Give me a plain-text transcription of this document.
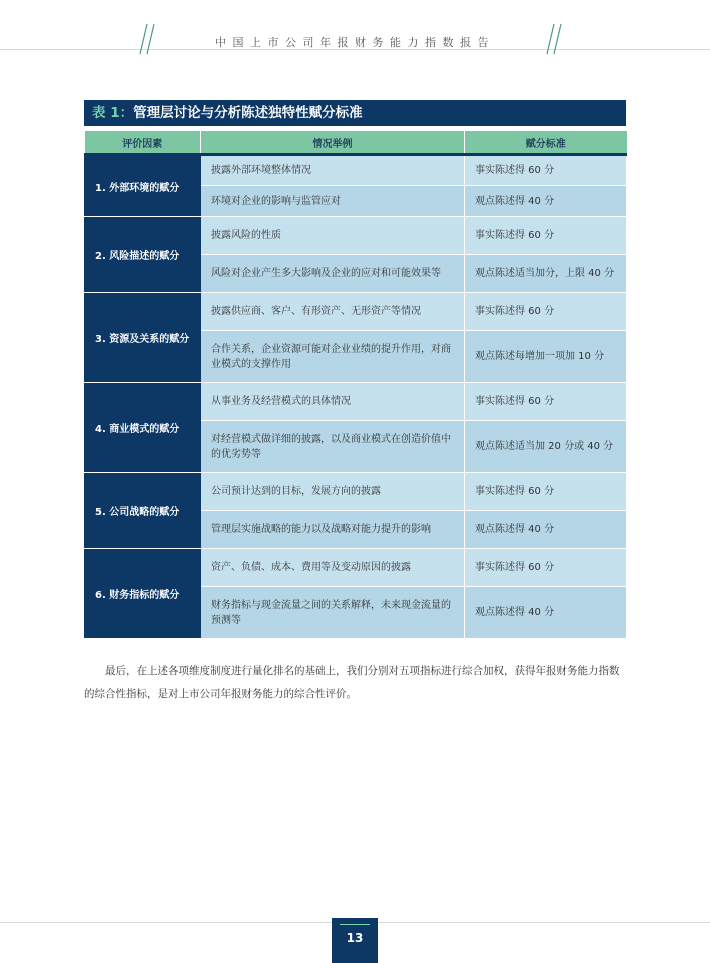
中国上市公司年报财务能力指数报告
表 1：管理层讨论与分析陈述独特性赋分标准
评价因素	情况举例	赋分标准
1. 外部环境的赋分	披露外部环境整体情况	事实陈述得 60 分
	环境对企业的影响与监管应对	观点陈述得 40 分
2. 风险描述的赋分	披露风险的性质	事实陈述得 60 分
	风险对企业产生多大影响及企业的应对和可能效果等	观点陈述适当加分，上限 40 分
3. 资源及关系的赋分	披露供应商、客户、有形资产、无形资产等情况	事实陈述得 60 分
	合作关系，企业资源可能对企业业绩的提升作用，对商业模式的支撑作用	观点陈述每增加一项加 10 分
4. 商业模式的赋分	从事业务及经营模式的具体情况	事实陈述得 60 分
	对经营模式做详细的披露，以及商业模式在创造价值中的优劣势等	观点陈述适当加 20 分或 40 分
5. 公司战略的赋分	公司预计达到的目标，发展方向的披露	事实陈述得 60 分
	管理层实施战略的能力以及战略对能力提升的影响	观点陈述得 40 分
6. 财务指标的赋分	资产、负债、成本、费用等及变动原因的披露	事实陈述得 60 分
	财务指标与现金流量之间的关系解释，未来现金流量的预测等	观点陈述得 40 分

最后，在上述各项维度制度进行量化排名的基础上，我们分别对五项指标进行综合加权，获得年报财务能力指数的综合性指标，是对上市公司年报财务能力的综合性评价。

13
